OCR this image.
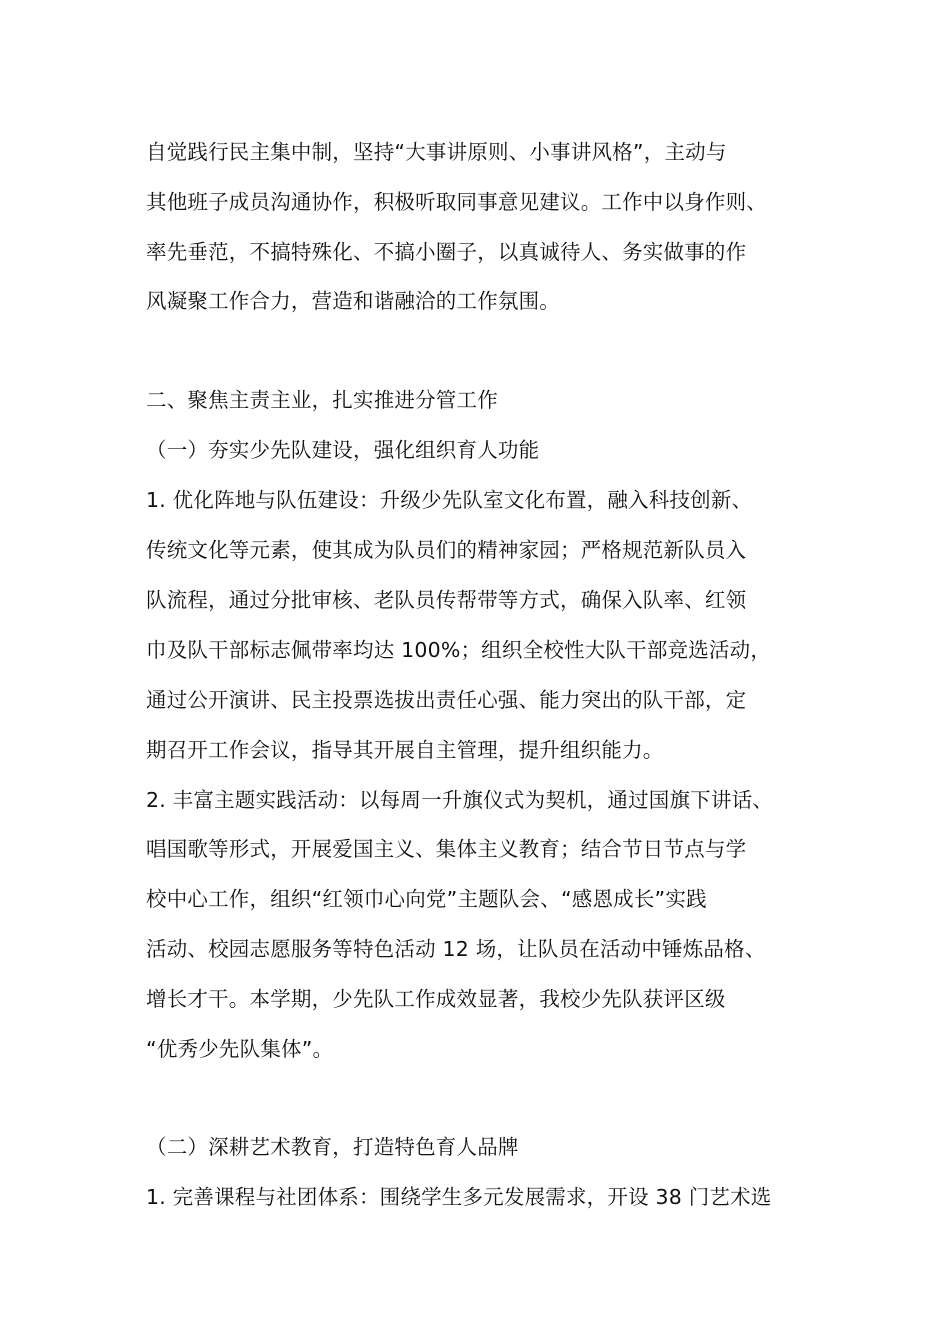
自觉践行民主集中制，坚持“大事讲原则、小事讲风格”，主动与
其他班子成员沟通协作，积极听取同事意见建议。工作中以身作则、
率先垂范，不搞特殊化、不搞小圈子，以真诚待人、务实做事的作
风凝聚工作合力，营造和谐融洽的工作氛围。
二、聚焦主责主业，扎实推进分管工作
（一）夯实少先队建设，强化组织育人功能
1. 优化阵地与队伍建设：升级少先队室文化布置，融入科技创新、
传统文化等元素，使其成为队员们的精神家园；严格规范新队员入
队流程，通过分批审核、老队员传帮带等方式，确保入队率、红领
巾及队干部标志佩带率均达 100%；组织全校性大队干部竞选活动，
通过公开演讲、民主投票选拔出责任心强、能力突出的队干部，定
期召开工作会议，指导其开展自主管理，提升组织能力。
2. 丰富主题实践活动：以每周一升旗仪式为契机，通过国旗下讲话、
唱国歌等形式，开展爱国主义、集体主义教育；结合节日节点与学
校中心工作，组织“红领巾心向党”主题队会、“感恩成长”实践
活动、校园志愿服务等特色活动 12 场，让队员在活动中锤炼品格、
增长才干。本学期，少先队工作成效显著，我校少先队获评区级
“优秀少先队集体”。
（二）深耕艺术教育，打造特色育人品牌
1. 完善课程与社团体系：围绕学生多元发展需求，开设 38 门艺术选
